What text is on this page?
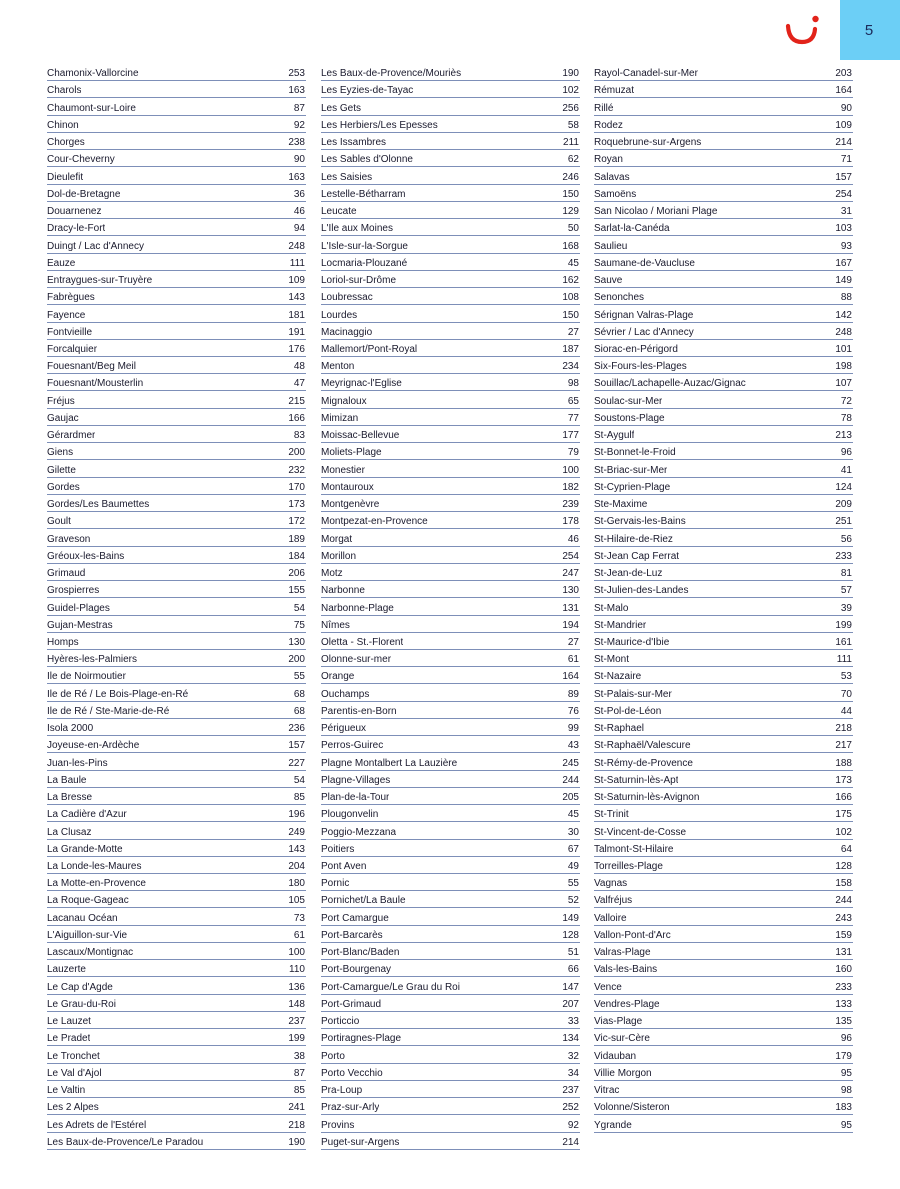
5
Chamonix-Vallorcine	253
Charols	163
Chaumont-sur-Loire	87
Chinon	92
Chorges	238
Cour-Cheverny	90
Dieulefit	163
Dol-de-Bretagne	36
Douarnenez	46
Dracy-le-Fort	94
Duingt / Lac d'Annecy	248
Eauze	111
Entraygues-sur-Truyère	109
Fabrègues	143
Fayence	181
Fontvieille	191
Forcalquier	176
Fouesnant/Beg Meil	48
Fouesnant/Mousterlin	47
Fréjus	215
Gaujac	166
Gérardmer	83
Giens	200
Gilette	232
Gordes	170
Gordes/Les Baumettes	173
Goult	172
Graveson	189
Gréoux-les-Bains	184
Grimaud	206
Grospierres	155
Guidel-Plages	54
Gujan-Mestras	75
Homps	130
Hyères-les-Palmiers	200
Ile de Noirmoutier	55
Ile de Ré / Le Bois-Plage-en-Ré	68
Ile de Ré / Ste-Marie-de-Ré	68
Isola 2000	236
Joyeuse-en-Ardèche	157
Juan-les-Pins	227
La Baule	54
La Bresse	85
La Cadière d'Azur	196
La Clusaz	249
La Grande-Motte	143
La Londe-les-Maures	204
La Motte-en-Provence	180
La Roque-Gageac	105
Lacanau Océan	73
L'Aiguillon-sur-Vie	61
Lascaux/Montignac	100
Lauzerte	110
Le Cap d'Agde	136
Le Grau-du-Roi	148
Le Lauzet	237
Le Pradet	199
Le Tronchet	38
Le Val d'Ajol	87
Le Valtin	85
Les 2 Alpes	241
Les Adrets de l'Estérel	218
Les Baux-de-Provence/Le Paradou	190
Les Baux-de-Provence/Mouriès	190
Les Eyzies-de-Tayac	102
Les Gets	256
Les Herbiers/Les Epesses	58
Les Issambres	211
Les Sables d'Olonne	62
Les Saisies	246
Lestelle-Bétharram	150
Leucate	129
L'Ile aux Moines	50
L'Isle-sur-la-Sorgue	168
Locmaria-Plouzané	45
Loriol-sur-Drôme	162
Loubressac	108
Lourdes	150
Macinaggio	27
Mallemort/Pont-Royal	187
Menton	234
Meyrignac-l'Eglise	98
Mignaloux	65
Mimizan	77
Moissac-Bellevue	177
Moliets-Plage	79
Monestier	100
Montauroux	182
Montgenèvre	239
Montpezat-en-Provence	178
Morgat	46
Morillon	254
Motz	247
Narbonne	130
Narbonne-Plage	131
Nîmes	194
Oletta - St.-Florent	27
Olonne-sur-mer	61
Orange	164
Ouchamps	89
Parentis-en-Born	76
Périgueux	99
Perros-Guirec	43
Plagne Montalbert La Lauzière	245
Plagne-Villages	244
Plan-de-la-Tour	205
Plougonvelin	45
Poggio-Mezzana	30
Poitiers	67
Pont Aven	49
Pornic	55
Pornichet/La Baule	52
Port Camargue	149
Port-Barcarès	128
Port-Blanc/Baden	51
Port-Bourgenay	66
Port-Camargue/Le Grau du Roi	147
Port-Grimaud	207
Porticcio	33
Portiragnes-Plage	134
Porto	32
Porto Vecchio	34
Pra-Loup	237
Praz-sur-Arly	252
Provins	92
Puget-sur-Argens	214
Rayol-Canadel-sur-Mer	203
Rémuzat	164
Rillé	90
Rodez	109
Roquebrune-sur-Argens	214
Royan	71
Salavas	157
Samoëns	254
San Nicolao / Moriani Plage	31
Sarlat-la-Canéda	103
Saulieu	93
Saumane-de-Vaucluse	167
Sauve	149
Senonches	88
Sérignan Valras-Plage	142
Sévrier / Lac d'Annecy	248
Siorac-en-Périgord	101
Six-Fours-les-Plages	198
Souillac/Lachapelle-Auzac/Gignac	107
Soulac-sur-Mer	72
Soustons-Plage	78
St-Aygulf	213
St-Bonnet-le-Froid	96
St-Briac-sur-Mer	41
St-Cyprien-Plage	124
Ste-Maxime	209
St-Gervais-les-Bains	251
St-Hilaire-de-Riez	56
St-Jean Cap Ferrat	233
St-Jean-de-Luz	81
St-Julien-des-Landes	57
St-Malo	39
St-Mandrier	199
St-Maurice-d'Ibie	161
St-Mont	111
St-Nazaire	53
St-Palais-sur-Mer	70
St-Pol-de-Léon	44
St-Raphael	218
St-Raphaël/Valescure	217
St-Rémy-de-Provence	188
St-Saturnin-lès-Apt	173
St-Saturnin-lès-Avignon	166
St-Trinit	175
St-Vincent-de-Cosse	102
Talmont-St-Hilaire	64
Torreilles-Plage	128
Vagnas	158
Valfréjus	244
Valloire	243
Vallon-Pont-d'Arc	159
Valras-Plage	131
Vals-les-Bains	160
Vence	233
Vendres-Plage	133
Vias-Plage	135
Vic-sur-Cère	96
Vidauban	179
Villie Morgon	95
Vitrac	98
Volonne/Sisteron	183
Ygrande	95
